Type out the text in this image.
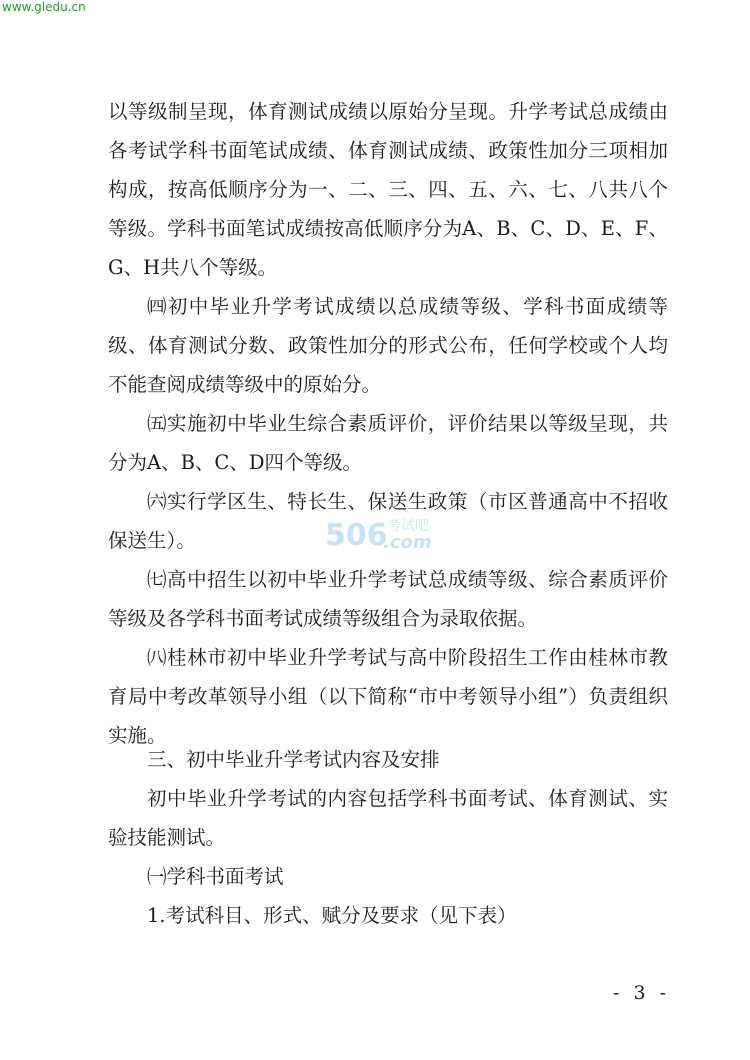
www.gledu.cn
506 考试吧
.com

以等级制呈现，体育测试成绩以原始分呈现。升学考试总成绩由各考试学科书面笔试成绩、体育测试成绩、政策性加分三项相加构成，按高低顺序分为一、二、三、四、五、六、七、八共八个等级。学科书面笔试成绩按高低顺序分为A、B、C、D、E、F、G、H共八个等级。

㈣初中毕业升学考试成绩以总成绩等级、学科书面成绩等级、体育测试分数、政策性加分的形式公布，任何学校或个人均不能查阅成绩等级中的原始分。

㈤实施初中毕业生综合素质评价，评价结果以等级呈现，共分为A、B、C、D四个等级。

㈥实行学区生、特长生、保送生政策（市区普通高中不招收保送生）。

㈦高中招生以初中毕业升学考试总成绩等级、综合素质评价等级及各学科书面考试成绩等级组合为录取依据。

㈧桂林市初中毕业升学考试与高中阶段招生工作由桂林市教育局中考改革领导小组（以下简称“市中考领导小组”）负责组织实施。

三、初中毕业升学考试内容及安排

初中毕业升学考试的内容包括学科书面考试、体育测试、实验技能测试。

㈠学科书面考试

1.考试科目、形式、赋分及要求（见下表）

- 3 -
